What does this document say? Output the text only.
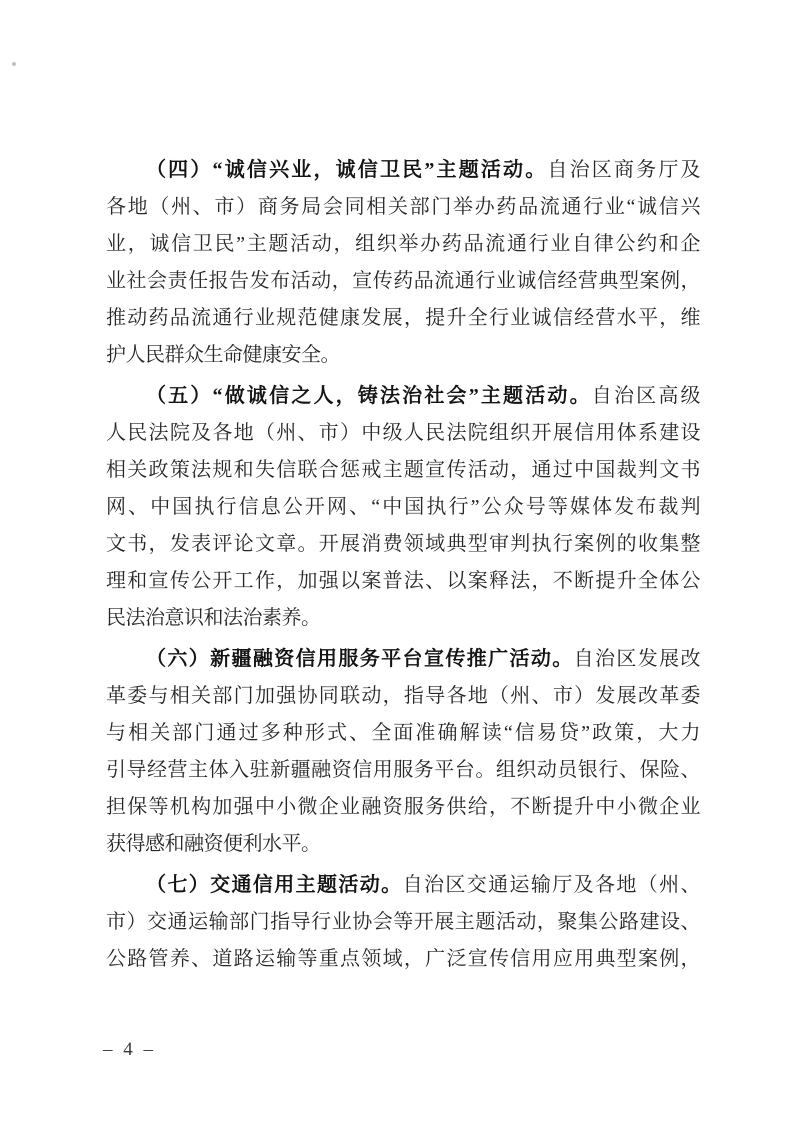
（四）“诚信兴业，诚信卫民”主题活动。自治区商务厅及
各地（州、市）商务局会同相关部门举办药品流通行业“诚信兴
业，诚信卫民”主题活动，组织举办药品流通行业自律公约和企
业社会责任报告发布活动，宣传药品流通行业诚信经营典型案例，
推动药品流通行业规范健康发展，提升全行业诚信经营水平，维
护人民群众生命健康安全。
（五）“做诚信之人，铸法治社会”主题活动。自治区高级
人民法院及各地（州、市）中级人民法院组织开展信用体系建设
相关政策法规和失信联合惩戒主题宣传活动，通过中国裁判文书
网、中国执行信息公开网、“中国执行”公众号等媒体发布裁判
文书，发表评论文章。开展消费领域典型审判执行案例的收集整
理和宣传公开工作，加强以案普法、以案释法，不断提升全体公
民法治意识和法治素养。
（六）新疆融资信用服务平台宣传推广活动。自治区发展改
革委与相关部门加强协同联动，指导各地（州、市）发展改革委
与相关部门通过多种形式、全面准确解读“信易贷”政策，大力
引导经营主体入驻新疆融资信用服务平台。组织动员银行、保险、
担保等机构加强中小微企业融资服务供给，不断提升中小微企业
获得感和融资便利水平。
（七）交通信用主题活动。自治区交通运输厅及各地（州、
市）交通运输部门指导行业协会等开展主题活动，聚集公路建设、
公路管养、道路运输等重点领域，广泛宣传信用应用典型案例，
– 4 –
